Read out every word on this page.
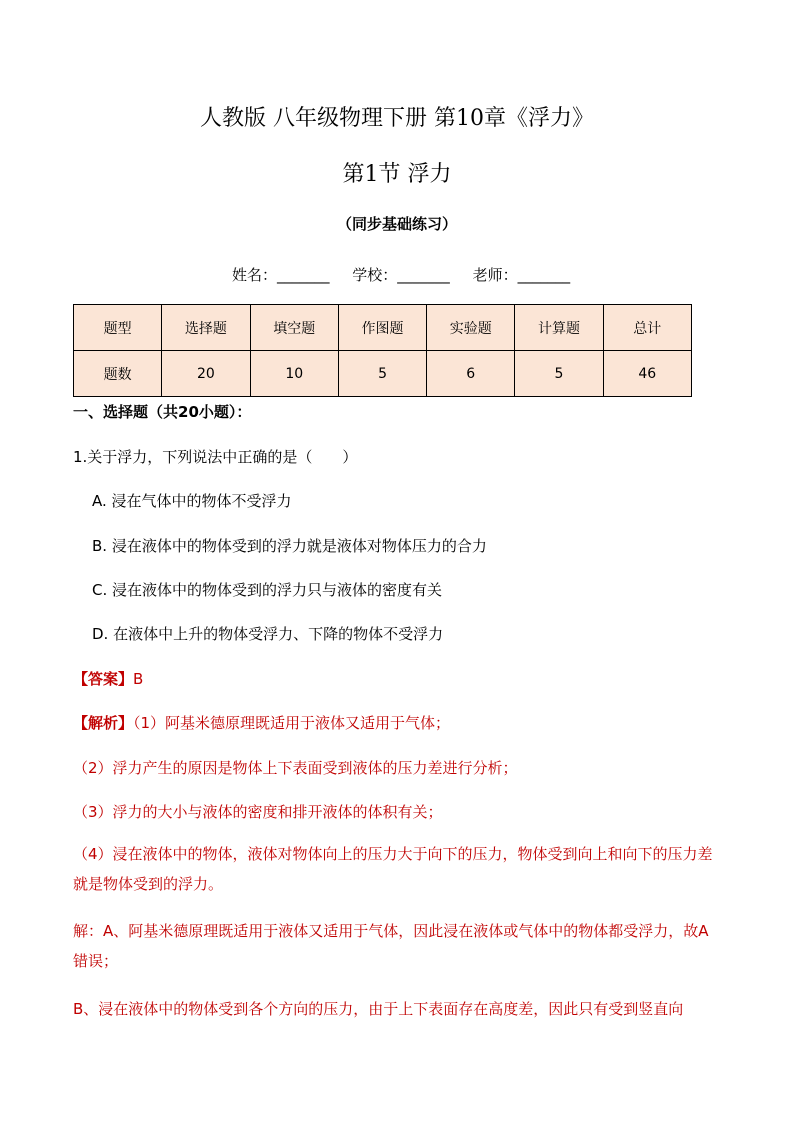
人教版 八年级物理下册 第10章《浮力》
第1节 浮力
（同步基础练习）
姓名：_______ 学校：_______ 老师：_______
题型	选择题	填空题	作图题	实验题	计算题	总计
题数	20	10	5	6	5	46
一、选择题（共20小题）：
1.关于浮力，下列说法中正确的是（　　）
A. 浸在气体中的物体不受浮力
B. 浸在液体中的物体受到的浮力就是液体对物体压力的合力
C. 浸在液体中的物体受到的浮力只与液体的密度有关
D. 在液体中上升的物体受浮力、下降的物体不受浮力
【答案】B
【解析】（1）阿基米德原理既适用于液体又适用于气体；
（2）浮力产生的原因是物体上下表面受到液体的压力差进行分析；
（3）浮力的大小与液体的密度和排开液体的体积有关；
（4）浸在液体中的物体，液体对物体向上的压力大于向下的压力，物体受到向上和向下的压力差就是物体受到的浮力。
解：A、阿基米德原理既适用于液体又适用于气体，因此浸在液体或气体中的物体都受浮力，故A错误；
B、浸在液体中的物体受到各个方向的压力，由于上下表面存在高度差，因此只有受到竖直向
